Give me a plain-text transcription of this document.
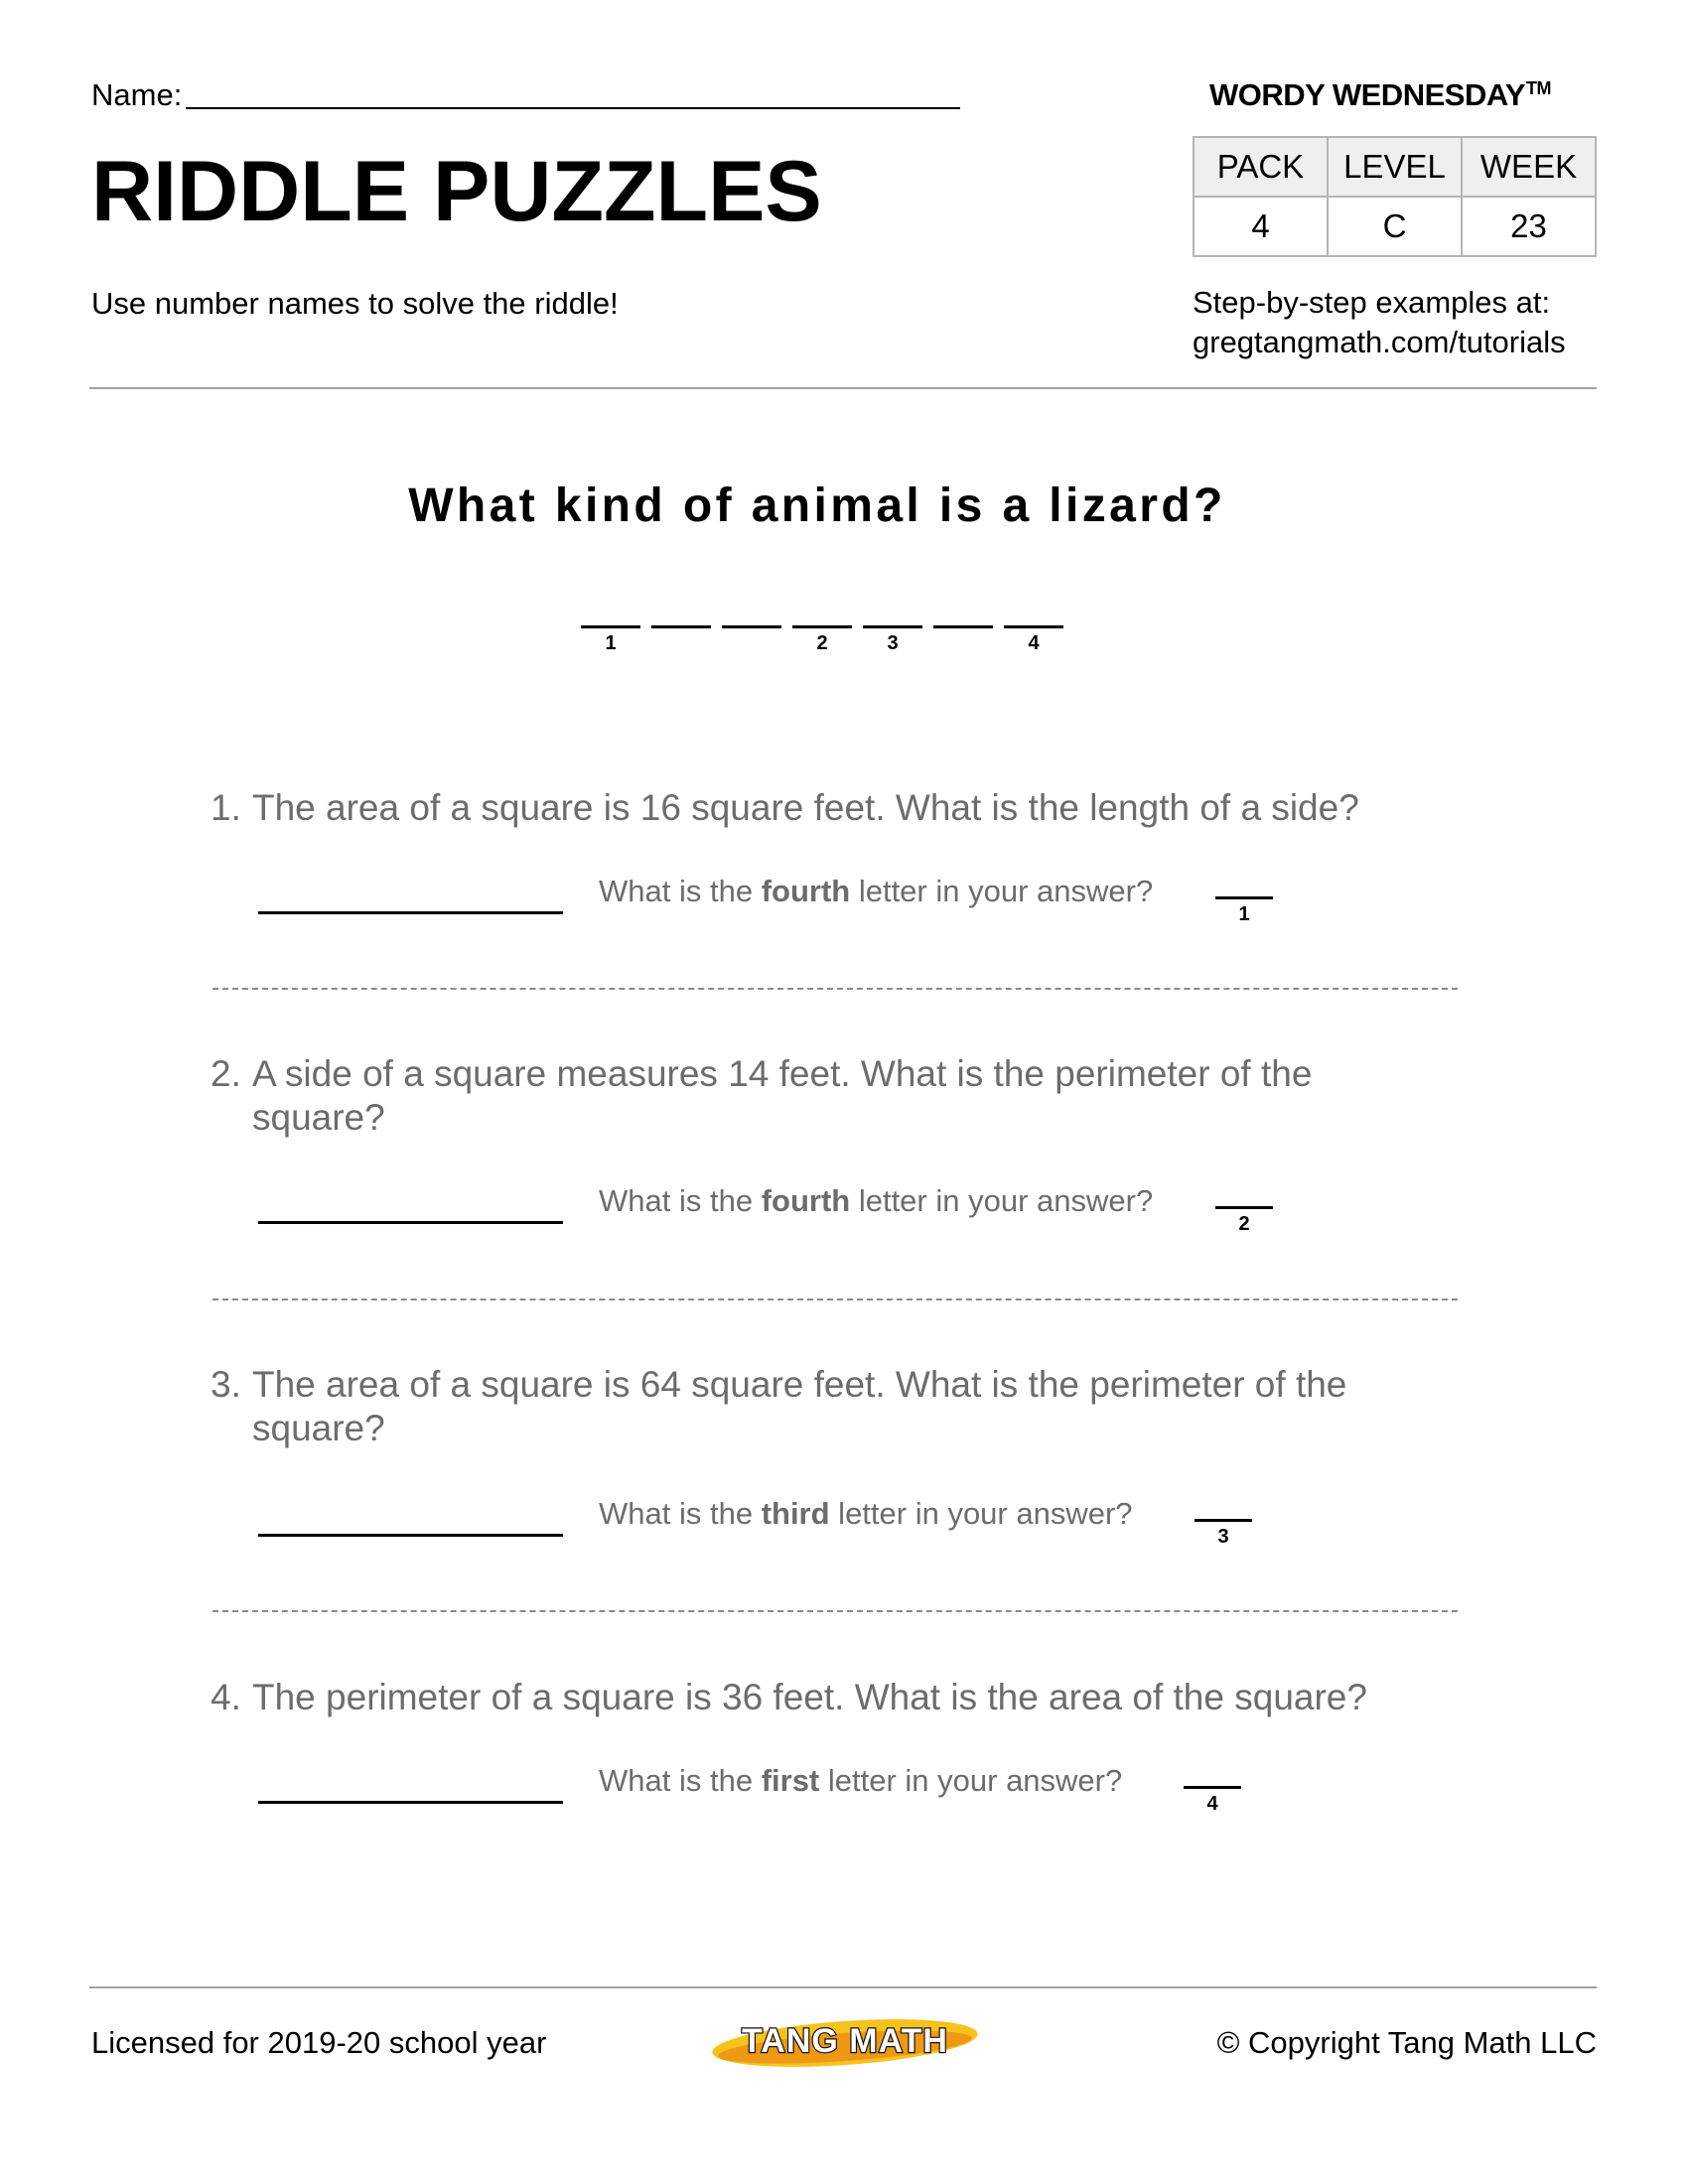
Name:
RIDDLE PUZZLES
Use number names to solve the riddle!
WORDY WEDNESDAY™
PACK	LEVEL	WEEK
4	C	23
Step-by-step examples at:
gregtangmath.com/tutorials
What kind of animal is a lizard?
1	2	3	4
1. The area of a square is 16 square feet. What is the length of a side?
What is the fourth letter in your answer?
1
2. A side of a square measures 14 feet. What is the perimeter of the square?
What is the fourth letter in your answer?
2
3. The area of a square is 64 square feet. What is the perimeter of the square?
What is the third letter in your answer?
3
4. The perimeter of a square is 36 feet. What is the area of the square?
What is the first letter in your answer?
4
Licensed for 2019-20 school year	TANG MATH	© Copyright Tang Math LLC
